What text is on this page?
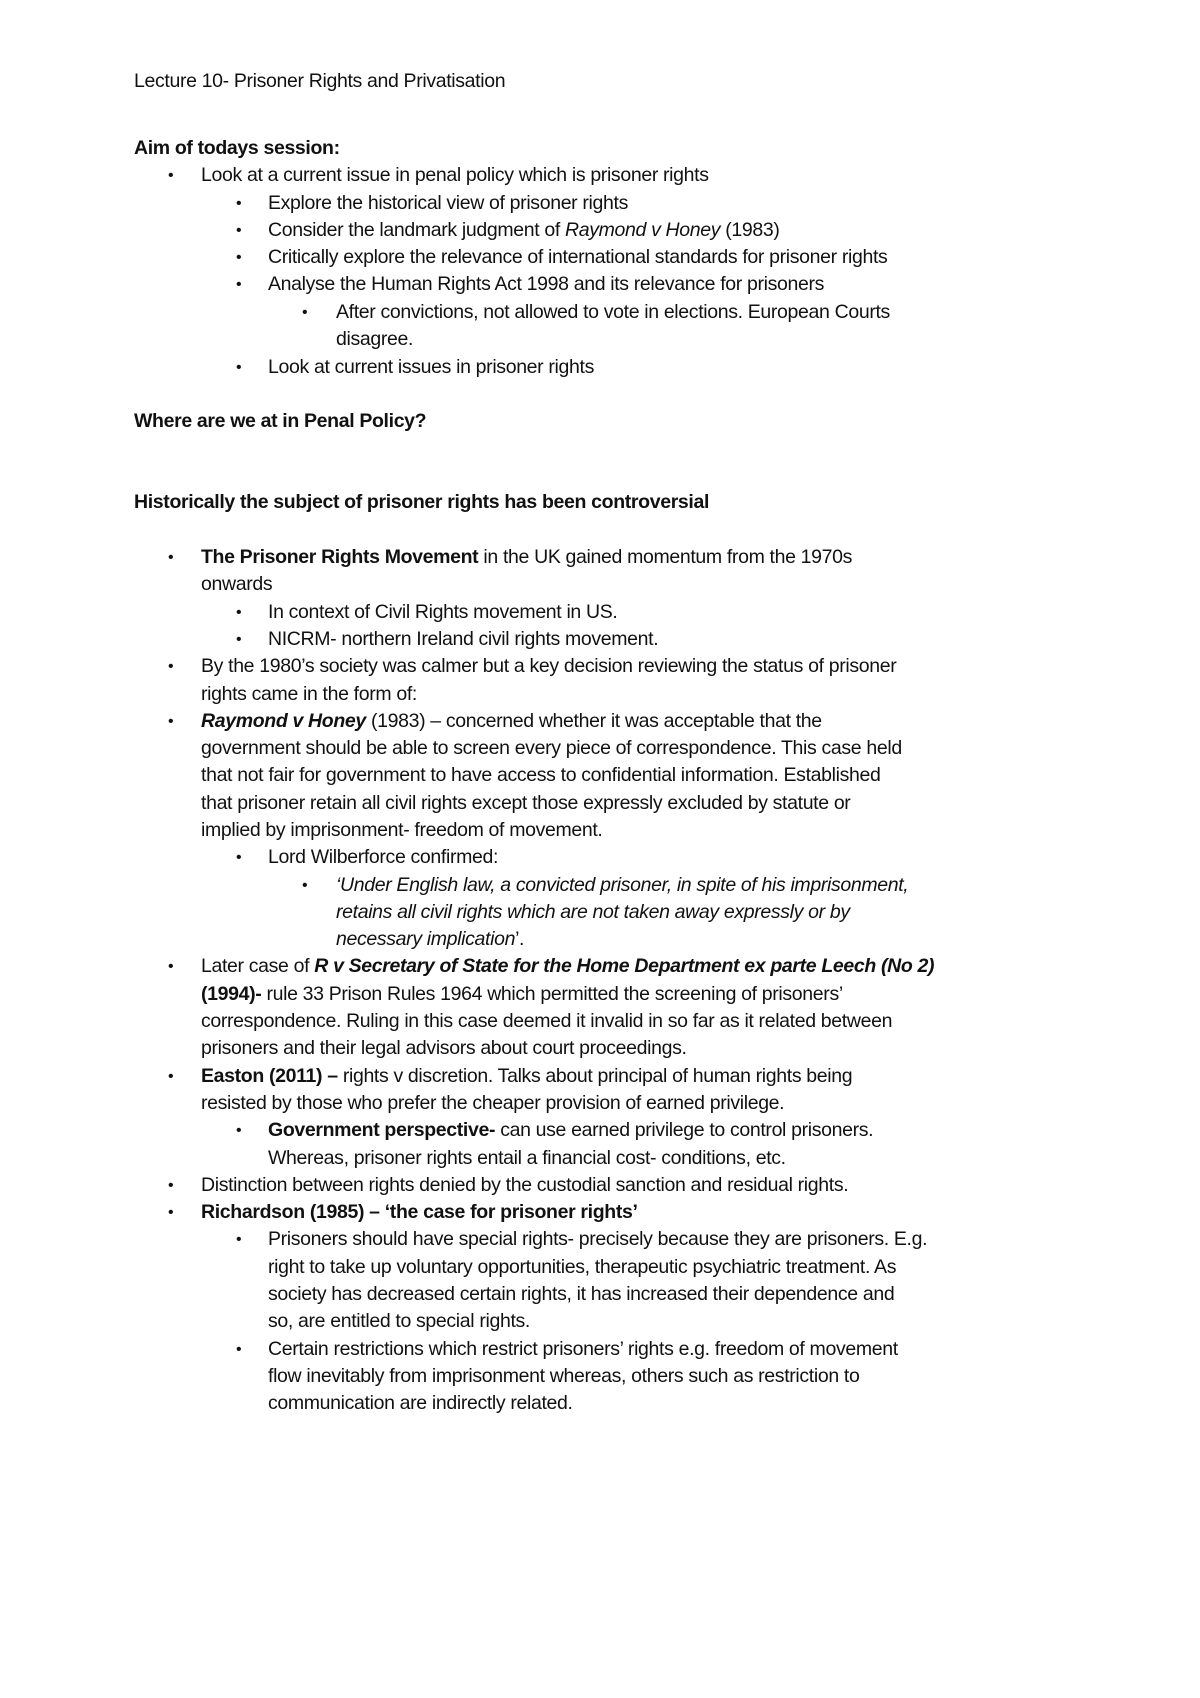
Lecture 10- Prisoner Rights and Privatisation
Aim of todays session:
• Look at a current issue in penal policy which is prisoner rights
• Explore the historical view of prisoner rights
• Consider the landmark judgment of Raymond v Honey (1983)
• Critically explore the relevance of international standards for prisoner rights
• Analyse the Human Rights Act 1998 and its relevance for prisoners
• After convictions, not allowed to vote in elections. European Courts
disagree.
• Look at current issues in prisoner rights
Where are we at in Penal Policy?
Historically the subject of prisoner rights has been controversial
• The Prisoner Rights Movement in the UK gained momentum from the 1970s
onwards
• In context of Civil Rights movement in US.
• NICRM- northern Ireland civil rights movement.
• By the 1980’s society was calmer but a key decision reviewing the status of prisoner
rights came in the form of:
• Raymond v Honey (1983) – concerned whether it was acceptable that the
government should be able to screen every piece of correspondence. This case held
that not fair for government to have access to confidential information. Established
that prisoner retain all civil rights except those expressly excluded by statute or
implied by imprisonment- freedom of movement.
• Lord Wilberforce confirmed:
• ‘Under English law, a convicted prisoner, in spite of his imprisonment,
retains all civil rights which are not taken away expressly or by
necessary implication’.
• Later case of R v Secretary of State for the Home Department ex parte Leech (No 2)
(1994)- rule 33 Prison Rules 1964 which permitted the screening of prisoners’
correspondence. Ruling in this case deemed it invalid in so far as it related between
prisoners and their legal advisors about court proceedings.
• Easton (2011) – rights v discretion. Talks about principal of human rights being
resisted by those who prefer the cheaper provision of earned privilege.
• Government perspective- can use earned privilege to control prisoners.
Whereas, prisoner rights entail a financial cost- conditions, etc.
• Distinction between rights denied by the custodial sanction and residual rights.
• Richardson (1985) – ‘the case for prisoner rights’
• Prisoners should have special rights- precisely because they are prisoners. E.g.
right to take up voluntary opportunities, therapeutic psychiatric treatment. As
society has decreased certain rights, it has increased their dependence and
so, are entitled to special rights.
• Certain restrictions which restrict prisoners’ rights e.g. freedom of movement
flow inevitably from imprisonment whereas, others such as restriction to
communication are indirectly related.
